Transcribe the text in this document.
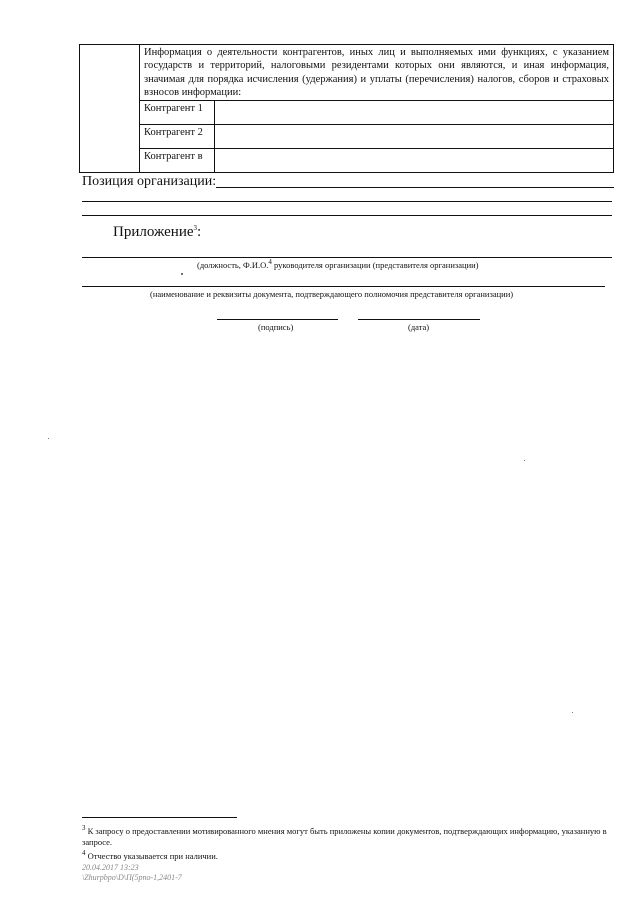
Информация о деятельности контрагентов, иных лиц и выполняемых ими функциях, с указанием государств и территорий, налоговыми резидентами которых они являются, и иная информация, значимая для порядка исчисления (удержания) и уплаты (перечисления) налогов, сборов и страховых взносов информации:
Контрагент 1	
Контрагент 2	
Контрагент в	
Позиция организации:
Приложение$^3$:
(должность, Ф.И.О.$^4$ руководителя организации (представителя организации)
(наименование и реквизиты документа, подтверждающего полномочия представителя организации)
(подпись)	(дата)
$^3$ К запросу о предоставлении мотивированного мнения могут быть приложены копии документов, подтверждающих информацию, указанную в запросе.
$^4$ Отчество указывается при наличии.
20.04.2017 13:23
\Zhurpbpo\D\П(5рпо-1,2401-7
